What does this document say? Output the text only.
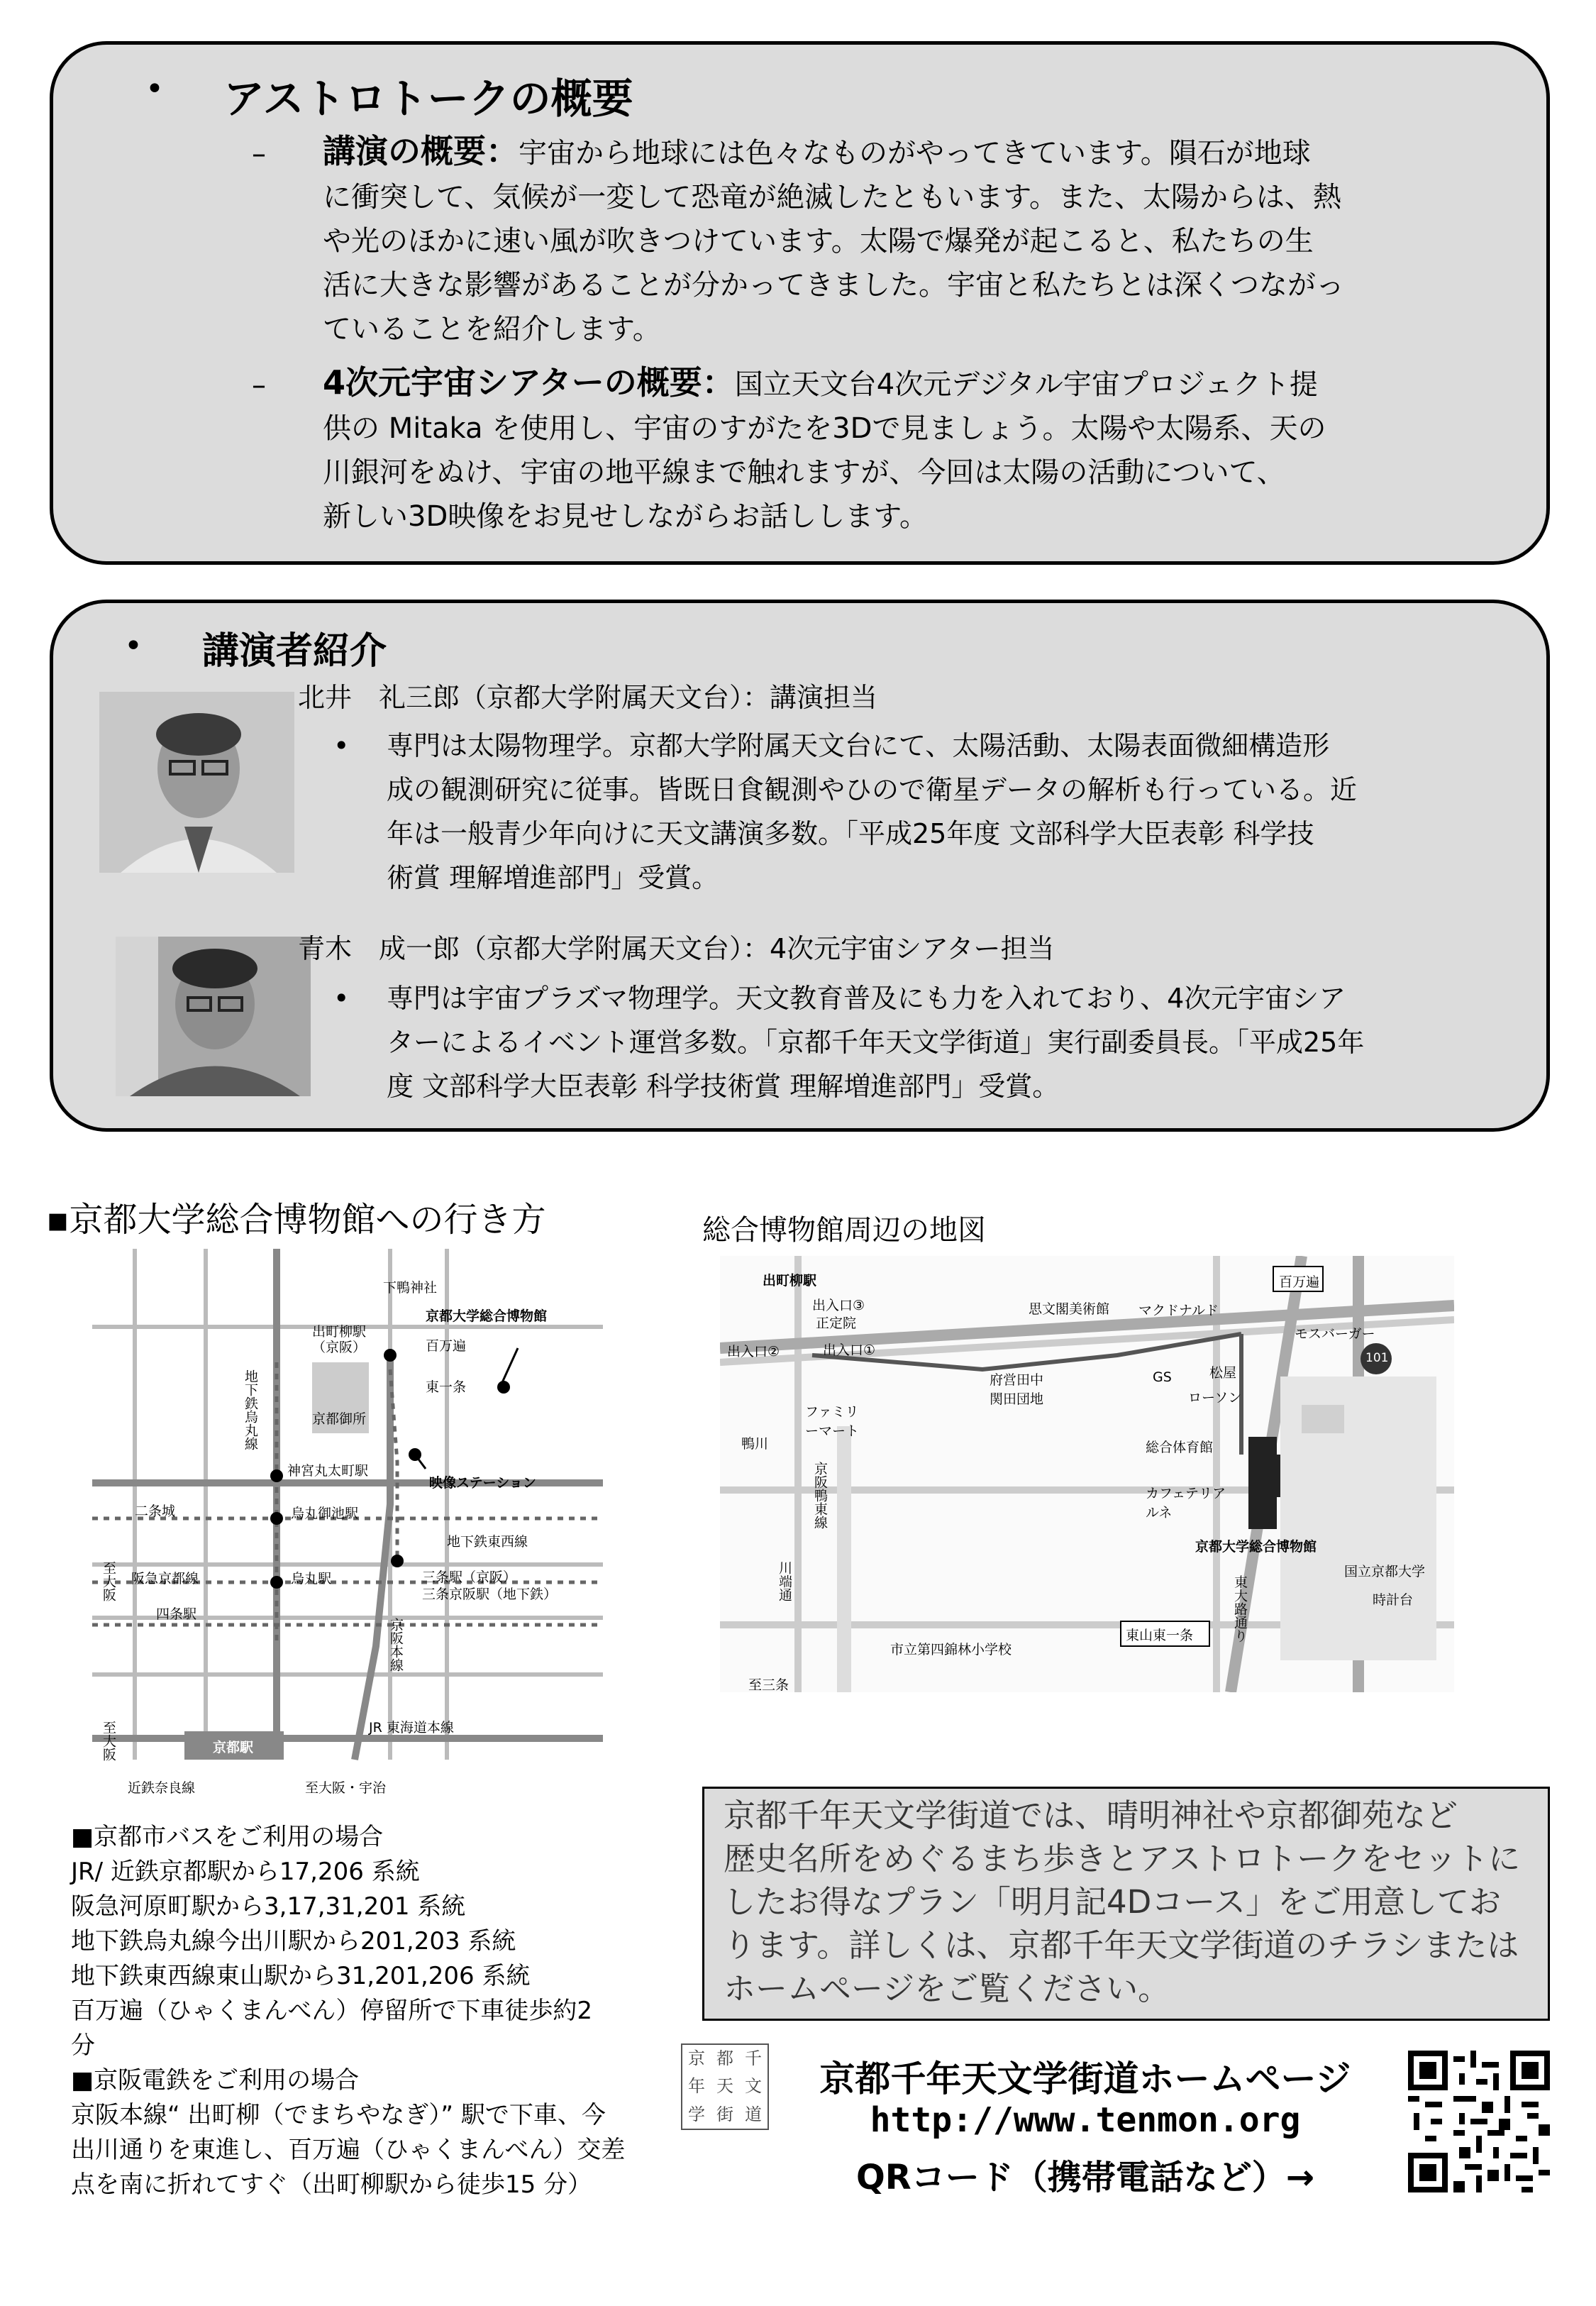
• アストロトークの概要
– 講演の概要：宇宙から地球には色々なものがやってきています。隕石が地球
に衝突して、気候が一変して恐竜が絶滅したともいます。また、太陽からは、熱
や光のほかに速い風が吹きつけています。太陽で爆発が起こると、私たちの生
活に大きな影響があることが分かってきました。宇宙と私たちとは深くつながっ
ていることを紹介します。
– 4次元宇宙シアターの概要：国立天文台4次元デジタル宇宙プロジェクト提
供の Mitaka を使用し、宇宙のすがたを3Dで見ましょう。太陽や太陽系、天の
川銀河をぬけ、宇宙の地平線まで触れますが、今回は太陽の活動について、
新しい3D映像をお見せしながらお話しします。
• 講演者紹介
北井　礼三郎（京都大学附属天文台）：講演担当
• 専門は太陽物理学。京都大学附属天文台にて、太陽活動、太陽表面微細構造形
成の観測研究に従事。皆既日食観測やひので衛星データの解析も行っている。近
年は一般青少年向けに天文講演多数。「平成25年度 文部科学大臣表彰 科学技
術賞 理解増進部門」受賞。
青木　成一郎（京都大学附属天文台）：4次元宇宙シアター担当
• 専門は宇宙プラズマ物理学。天文教育普及にも力を入れており、4次元宇宙シア
ターによるイベント運営多数。「京都千年天文学街道」実行副委員長。「平成25年
度 文部科学大臣表彰 科学技術賞 理解増進部門」受賞。
▪京都大学総合博物館への行き方	総合博物館周辺の地図
下鴨神社
京都大学総合博物館
出町柳駅
（京阪）	百万遍
東一条
地下鉄烏丸線	京都御所
神宮丸太町駅
映像ステーション
二条城	烏丸御池駅
地下鉄東西線
至大阪 阪急京都線	烏丸駅	三条駅（京阪）
三条京阪駅（地下鉄）
四条駅
京阪本線
京都駅
JR 東海道本線
至大阪
近鉄奈良線	至大阪・宇治
出町柳駅
出入口③
正定院
出入口②	出入口①
思文閣美術館 マクドナルド
百万遍
モスバーガー
101
GS	松屋
ローソン
ファミリーマート
府営田中関田団地
鴨川
京阪鴨東線
総合体育館
カフェテリアルネ
京都大学総合博物館
川端通	東大路通り
国立京都大学
時計台
市立第四錦林小学校
東山東一条
至三条
■京都市バスをご利用の場合
JR/ 近鉄京都駅から17,206 系統
阪急河原町駅から3,17,31,201 系統
地下鉄烏丸線今出川駅から201,203 系統
地下鉄東西線東山駅から31,201,206 系統
百万遍（ひゃくまんべん）停留所で下車徒歩約2
分
■京阪電鉄をご利用の場合
京阪本線“ 出町柳（でまちやなぎ）” 駅で下車、今
出川通りを東進し、百万遍（ひゃくまんべん）交差
点を南に折れてすぐ（出町柳駅から徒歩15 分）
京都千年天文学街道では、晴明神社や京都御苑など
歴史名所をめぐるまち歩きとアストロトークをセットに
したお得なプラン「明月記4Dコース」をご用意してお
ります。詳しくは、京都千年天文学街道のチラシまたは
ホームページをご覧ください。
京 都 千
年 天 文
学 街 道
京都千年天文学街道ホームページ
http://www.tenmon.org
QRコード（携帯電話など）→
